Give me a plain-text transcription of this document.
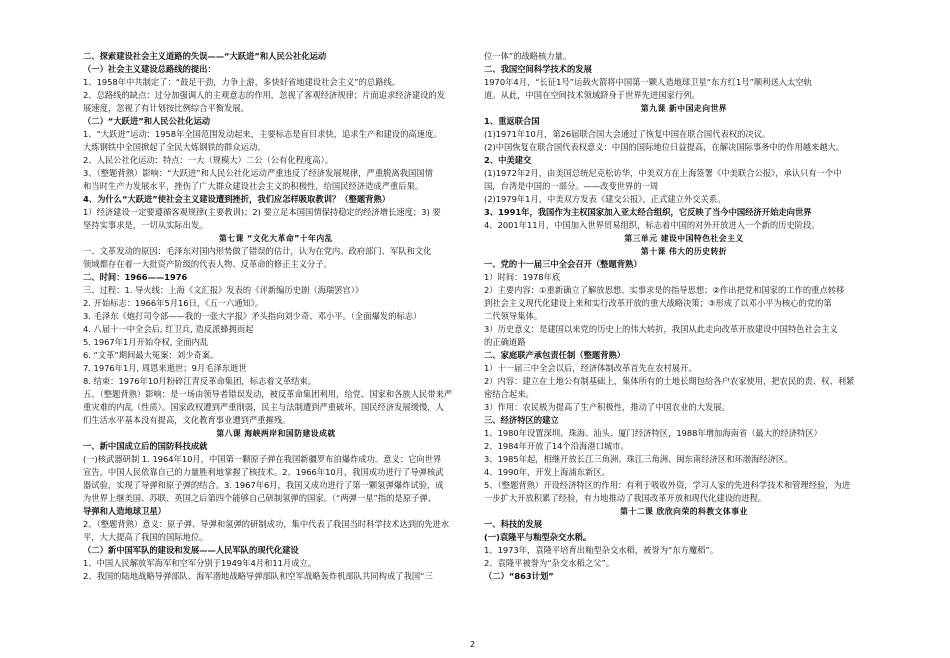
二、探索建设社会主义道路的失误——“大跃进”和人民公社化运动
（一）社会主义建设总路线的提出：
1、1958年中共制定了：“鼓足干劲，力争上游，多快好省地建设社会主义”的总路线。
2、总路线的缺点：过分加强调人的主观意志的作用，忽视了客观经济规律；片面追求经济建设的发
展速度，忽视了有计划按比例综合平衡发展。
（二）“大跃进”和人民公社化运动
1、“大跃进”运动：1958年全国范围发动起来，主要标志是盲目求快，追求生产和建设的高速度。
大炼钢铁中全国掀起了全民大炼钢铁的群众运动。
2、人民公社化运动：特点：一大（规模大）二公（公有化程度高）。
3、（整题背熟）影响：“大跃进”和人民公社化运动严重违反了经济发展规律，严重脱离我国国情
和当时生产力发展水平，挫伤了广大群众建设社会主义的积极性，给国民经济造成严重后果。
4、为什么“大跃进”使社会主义建设遭到挫折，我们应怎样吸取教训？（整题背熟）
1）经济建设一定要遵循客观规律(主要教训)；2) 要立足本国国情保持稳定的经济增长速度；3) 要
坚持实事求是，一切从实际出发。
第七课 “文化大革命”十年内乱
一、文革发动的原因：毛泽东对国内形势做了错误的估计，认为在党内、政府部门、军队和文化
领域都存在着一大批资产阶级的代表人物、反革命的修正主义分子。
二、时间：1966——1976
三、过程：1. 导火线：上海《文汇报》发表的《评新编历史剧（海瑞罢官）》
2. 开始标志：1966年5月16日，《五一六通知》。
3. 毛泽东《炮打司令部——我的一张大字报》矛头指向刘少奇、邓小平。（全面爆发的标志）
4. 八届十一中全会后, 红卫兵, 造反派蜂拥而起
5. 1967年1月开始夺权, 全面内乱
6. “文革”期间最大冤案：刘少奇案。
7. 1976年1月, 周恩来逝世；9月毛泽东逝世
8. 结束：1976年10月粉碎江青反革命集团，标志着文革结束。
五、（整题背熟）影响：是一场由领导者错误发动，被反革命集团利用，给党、国家和各族人民带来严
重灾难的内乱（性质）。国家政权遭到严重削弱，民主与法制遭到严重破坏，国民经济发展缓慢，人
们生活水平基本没有提高，文化教育事业遭到严重摧残。
第八课 海峡两岸和国防建设成就
一、新中国成立后的国防科技成就
(一)核武器研制 1. 1964年10月，中国第一颗原子弹在我国新疆罗布泊爆炸成功。意义：它向世界
宣告，中国人民依靠自己的力量胜利地掌握了核技术。2、1966年10月，我国成功进行了导弹核武
器试验，实现了导弹和原子弹的结合。3. 1967年6月，我国又成功进行了第一颗氢弹爆炸试验，成
为世界上继美国、苏联、英国之后第四个能够自己研制氢弹的国家。（“两弹一星”指的是原子弹、
导弹和人造地球卫星）
2、（整题背熟）意义：原子弹、导弹和氢弹的研制成功，集中代表了我国当时科学技术达到的先进水
平，大大提高了我国的国际地位。
（二）新中国军队的建设和发展——人民军队的现代化建设
1、中国人民解放军海军和空军分别于1949年4月和11月成立。
2、我国的陆地战略导弹部队、海军潜地战略导弹部队和空军战略轰炸机部队共同构成了我国“三
位一体”的战略核力量。
二、我国空间科学技术的发展
1970年4月，“长征1号”运载火箭将中国第一颗人造地球卫星“东方红1号”顺利送入太空轨
道。从此，中国在空间技术领域跻身于世界先进国家行列。
第九课 新中国走向世界
1、重返联合国
(1)1971年10月，第26届联合国大会通过了恢复中国在联合国代表权的决议。
(2)中国恢复在联合国代表权意义：中国的国际地位日益提高，在解决国际事务中的作用越来越大。
2、中美建交
(1)1972年2月，由美国总统尼克松访华，中美双方在上海签署《中美联合公报》，承认只有一个中
国，台湾是中国的一部分。——改变世界的一周
(2)1979年1月，中美双方发表《建交公报》，正式建立外交关系。
3、1991年，我国作为主权国家加入亚太经合组织，它反映了当今中国经济开始走向世界
4、2001年11月，中国加入世界贸易组织，标志着中国的对外开放进入一个新的历史阶段。
第三单元 建设中国特色社会主义
第十课 伟大的历史转折
一、党的十一届三中全会召开（整题背熟）
1）时间：1978年底
2）主要内容：①重新确立了解放思想、实事求是的指导思想；②作出把党和国家的工作的重点转移
到社会主义现代化建设上来和实行改革开放的重大战略决策；③形成了以邓小平为核心的党的第
二代领导集体。
3）历史意义：是建国以来党的历史上的伟大转折，我国从此走向改革开放建设中国特色社会主义
的正确道路
二、家庭联产承包责任制（整题背熟）
1）十一届三中全会以后，经济体制改革首先在农村展开。
2）内容：建立在土地公有制基础上，集体所有的土地长期包给各户农家使用，把农民的责、权、利紧
密结合起来。
3）作用：农民极为提高了生产积极性，推动了中国农业的大发展。
三、经济特区的建立
1、1980年设置深圳、珠海、汕头、厦门经济特区，1988年增加海南省（最大的经济特区）
2、1984年开放了14个沿海港口城市。
3、1985年起，相继开放长江三角洲、珠江三角洲、闽东南经济区和环渤海经济区。
4、1990年，开发上海浦东新区。
5、（整题背熟）开设经济特区的作用：有利于吸收外资，学习人家的先进科学技术和管理经验，为进
一步扩大开放积累了经验，有力地推动了我国改革开放和现代化建设的进程。
第十二课 欣欣向荣的科教文体事业
一、科技的发展
(一)袁隆平与籼型杂交水稻。
1、1973年，袁隆平培育出籼型杂交水稻，被誉为“东方魔稻”。
2、袁隆平被誉为“杂交水稻之父”。
（二）“863计划”
2
